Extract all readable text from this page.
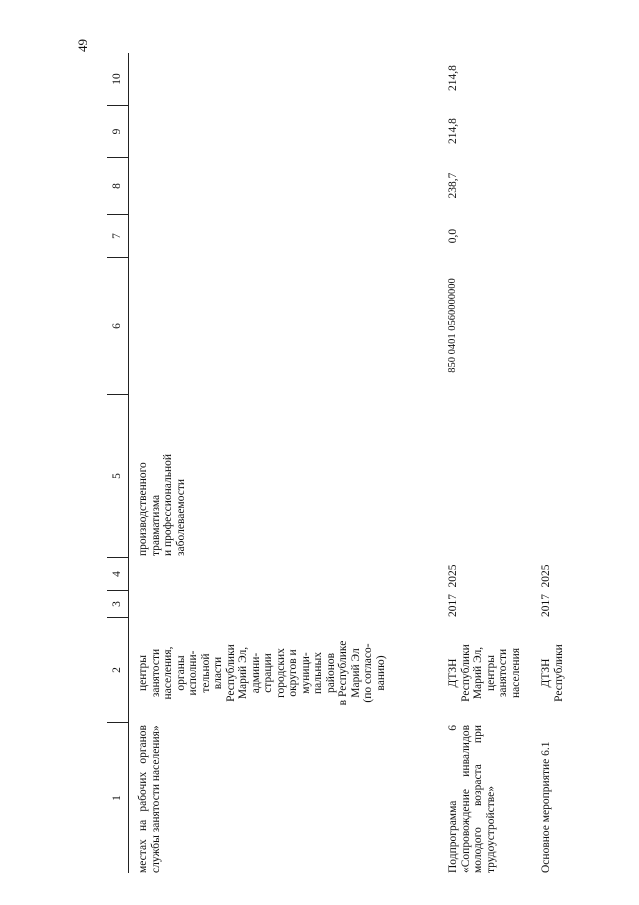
49
1
2
3
4
5
6
7
8
9
10
местах на рабочих органов службы занятости населения»
центры
занятости
населения,
органы
исполни-
тельной
власти
Республики
Марий Эл,
админи-
страции
городских
округов и
муници-
пальных
районов
в Республике
Марий Эл
(по согласо-
ванию)
производственного
травматизма
и профессиональной
заболеваемости
Подпрограмма 6 «Сопровождение инвалидов молодого возраста при трудоустройстве»
ДТЗН
Республики
Марий Эл,
центры
занятости
населения
2017
2025
850 0401 0560000000
0,0
238,7
214,8
214,8
Основное мероприятие 6.1
ДТЗН
Республики
2017
2025
